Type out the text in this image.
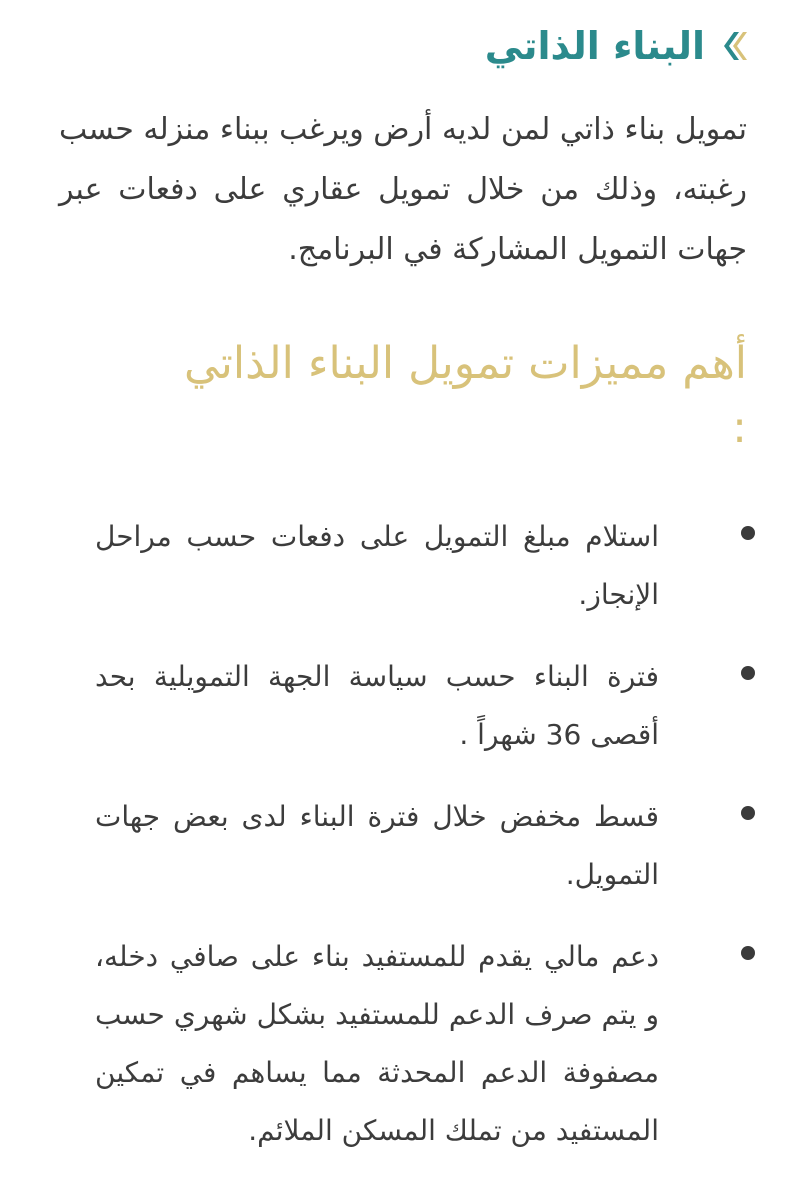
البناء الذاتي

تمويل بناء ذاتي لمن لديه أرض ويرغب ببناء منزله حسب رغبته، وذلك من خلال تمويل عقاري على دفعات عبر جهات التمويل المشاركة في البرنامج.

أهم مميزات تمويل البناء الذاتي
:
استلام مبلغ التمويل على دفعات حسب مراحل الإنجاز.
فترة البناء حسب سياسة الجهة التمويلية بحد أقصى 36 شهراً .
قسط مخفض خلال فترة البناء لدى بعض جهات التمويل.
دعم مالي يقدم للمستفيد بناء على صافي دخله، و يتم صرف الدعم للمستفيد بشكل شهري حسب مصفوفة الدعم المحدثة مما يساهم في تمكين المستفيد من تملك المسكن الملائم.
